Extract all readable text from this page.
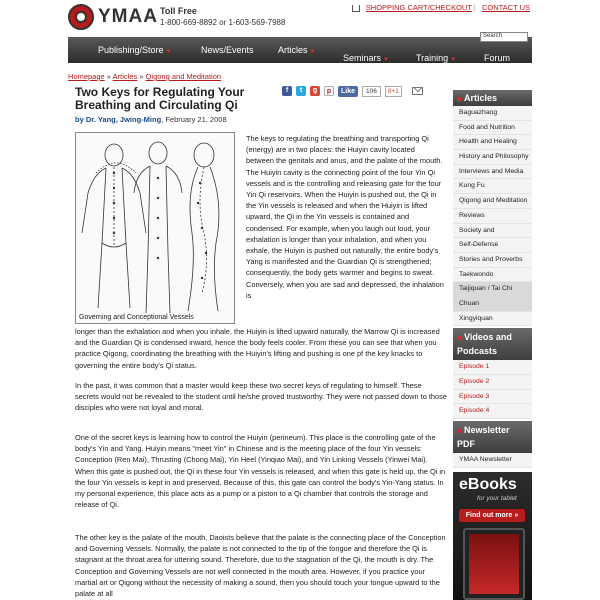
YMAA Toll Free
1-800-669-8892 or 1-603-569-7988
SHOPPING CART/CHECKOUT | CONTACT US
Publishing/Store ▼	News/Events	Articles ▼
Seminars ▼	Training ▼	Forum
Search
Homepage » Articles » Qigong and Meditation
Two Keys for Regulating Your Breathing and Circulating Qi
by Dr. Yang, Jwing-Ming, February 21, 2008
f	t	g	p	Like	106	8+1
Governing and Conceptional Vessels
The keys to regulating the breathing and transporting Qi (energy) are in two places: the Huiyin cavity located between the genitals and anus, and the palate of the mouth. The Huiyin cavity is the connecting point of the four Yin Qi vessels and is the controlling and releasing gate for the four Yin Qi reservoirs. When the Huiyin is pushed out, the Qi in the Yin vessels is released and when the Huiyin is lifted upward, the Qi in the Yin vessels is contained and condensed. For example, when you laugh out loud, your exhalation is longer than your inhalation, and when you exhale, the Huiyin is pushed out naturally, the entire body's Yang is manifested and the Guardian Qi is strengthened; consequently, the body gets warmer and begins to sweat. Conversely, when you are sad and depressed, the inhalation is
longer than the exhalation and when you inhale, the Huiyin is lifted upward naturally, the Marrow Qi is increased and the Guardian Qi is condensed inward, hence the body feels cooler. From these you can see that when you practice Qigong, coordinating the breathing with the Huiyin's lifting and pushing is one pf the key knacks to governing the entire body's Qi status.
In the past, it was common that a master would keep these two secret keys of regulating to himself. These secrets would not be revealed to the student until he/she proved trustworthy. They were not passed down to those disciples who were not loyal and moral.
One of the secret keys is learning how to control the Huiyin (perineum). This place is the controlling gate of the body's Yin and Yang. Huiyin means "meet Yin" in Chinese and is the meeting place of the four Yin vessels: Conception (Ren Mai), Thrusting (Chong Mai), Yin Heel (Yinqiao Mai), and Yin Linking Vessels (Yinwei Mai). When this gate is pushed out, the Qi in these four Yin vessels is released, and when this gate is held up, the Qi in the four Yin vessels is kept in and preserved. Because of this, this gate can control the body's Yin-Yang status. In my personal experience, this place acts as a pump or a piston to a Qi chamber that controls the storage and release of Qi.
The other key is the palate of the mouth. Daoists believe that the palate is the connecting place of the Conception and Governing Vessels. Normally, the palate is not connected to the tip of the tongue and therefore the Qi is stagnant at the throat area for uttering sound. Therefore, due to the stagnation of the Qi, the mouth is dry. The Conception and Governing Vessels are not well connected in the mouth area. However, if you practice your martial art or Qigong without the necessity of making a sound, then you should touch your tongue upward to the palate at all
Articles
Baguazhang
Food and Nutrition
Health and Healing
History and Philosophy
Interviews and Media
Kung Fu
Qigong and Meditation
Reviews
Society and
Self-Defense
Stories and Proverbs
Taekwondo
Taijiquan / Tai Chi Chuan
Xingyiquan
Videos and Podcasts
Episode 1
Episode 2
Episode 3
Episode 4
Newsletter PDF
YMAA Newsletter
eBooks
for your tablet
Find out more »
